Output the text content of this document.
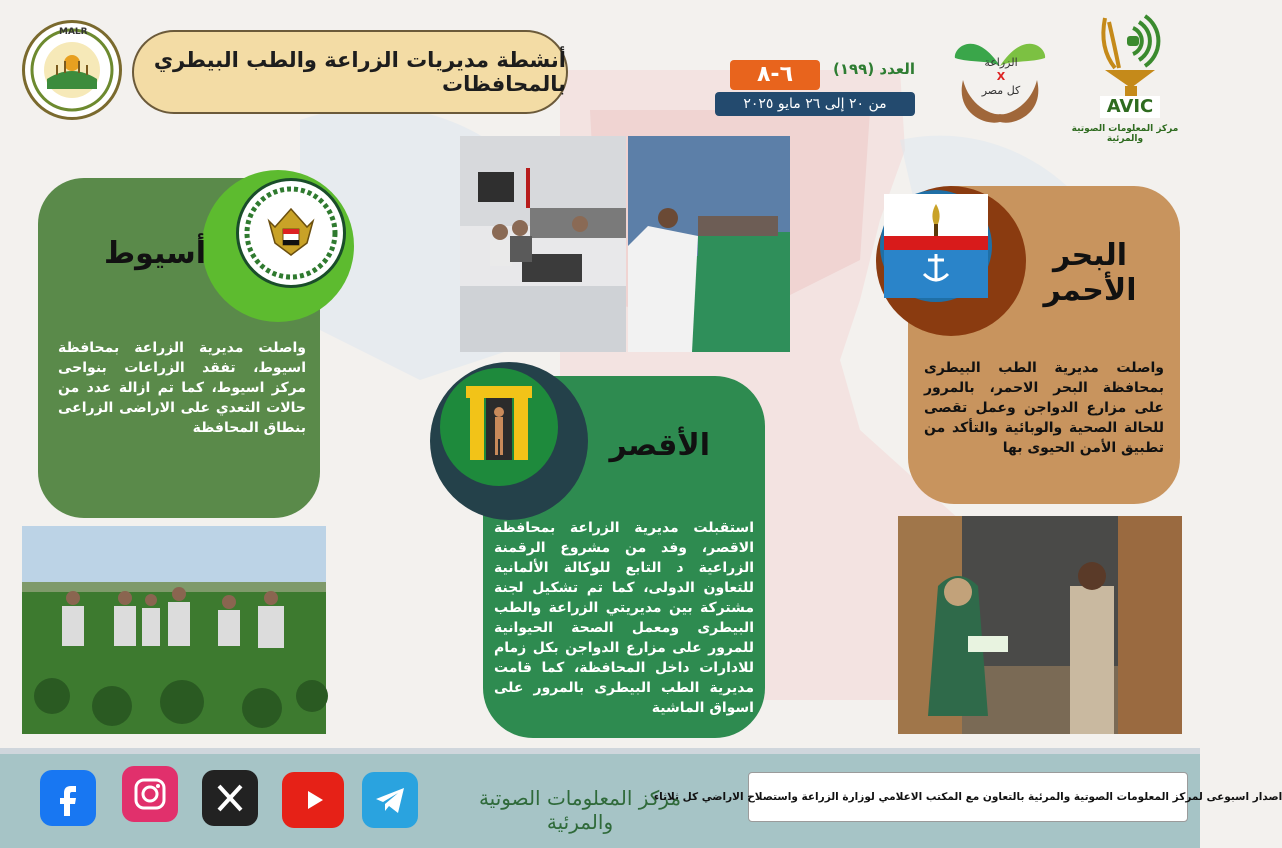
MALR
أنشطة مديريات الزراعة والطب البيطري بالمحافظات
العدد (١٩٩)
٦-٨
من ٢٠ إلى ٢٦ مايو ٢٠٢٥
الزراعة
X
كل مصر
AVIC
مركز المعلومات الصوتية والمرئية
أسيوط
واصلت مديرية الزراعة بمحافظة اسيوط، تفقد الزراعات بنواحى مركز اسيوط، كما تم ازالة عدد من حالات التعدي على الاراضى الزراعى بنطاق المحافظة
البحر الأحمر
واصلت مديرية الطب البيطرى بمحافظة البحر الاحمر، بالمرور على مزارع الدواجن وعمل تقصى للحالة الصحية والوبائية والتأكد من تطبيق الأمن الحيوى بها
الأقصر
استقبلت مديرية الزراعة بمحافظة الاقصر، وفد من مشروع الرقمنة الزراعية د التابع للوكالة الألمانية للتعاون الدولى، كما تم تشكيل لجنة مشتركة بين مديريتي الزراعة والطب البيطرى ومعمل الصحة الحيوانية للمرور على مزارع الدواجن بكل زمام للادارات داخل المحافظة، كما قامت مديرية الطب البيطرى بالمرور على اسواق الماشية
اصدار اسبوعى لمركز المعلومات الصوتية والمرئية بالتعاون مع المكتب الاعلامي لوزارة الزراعة واستصلاح الاراضي كل ثلاثاء
مركز المعلومات الصوتية والمرئية
